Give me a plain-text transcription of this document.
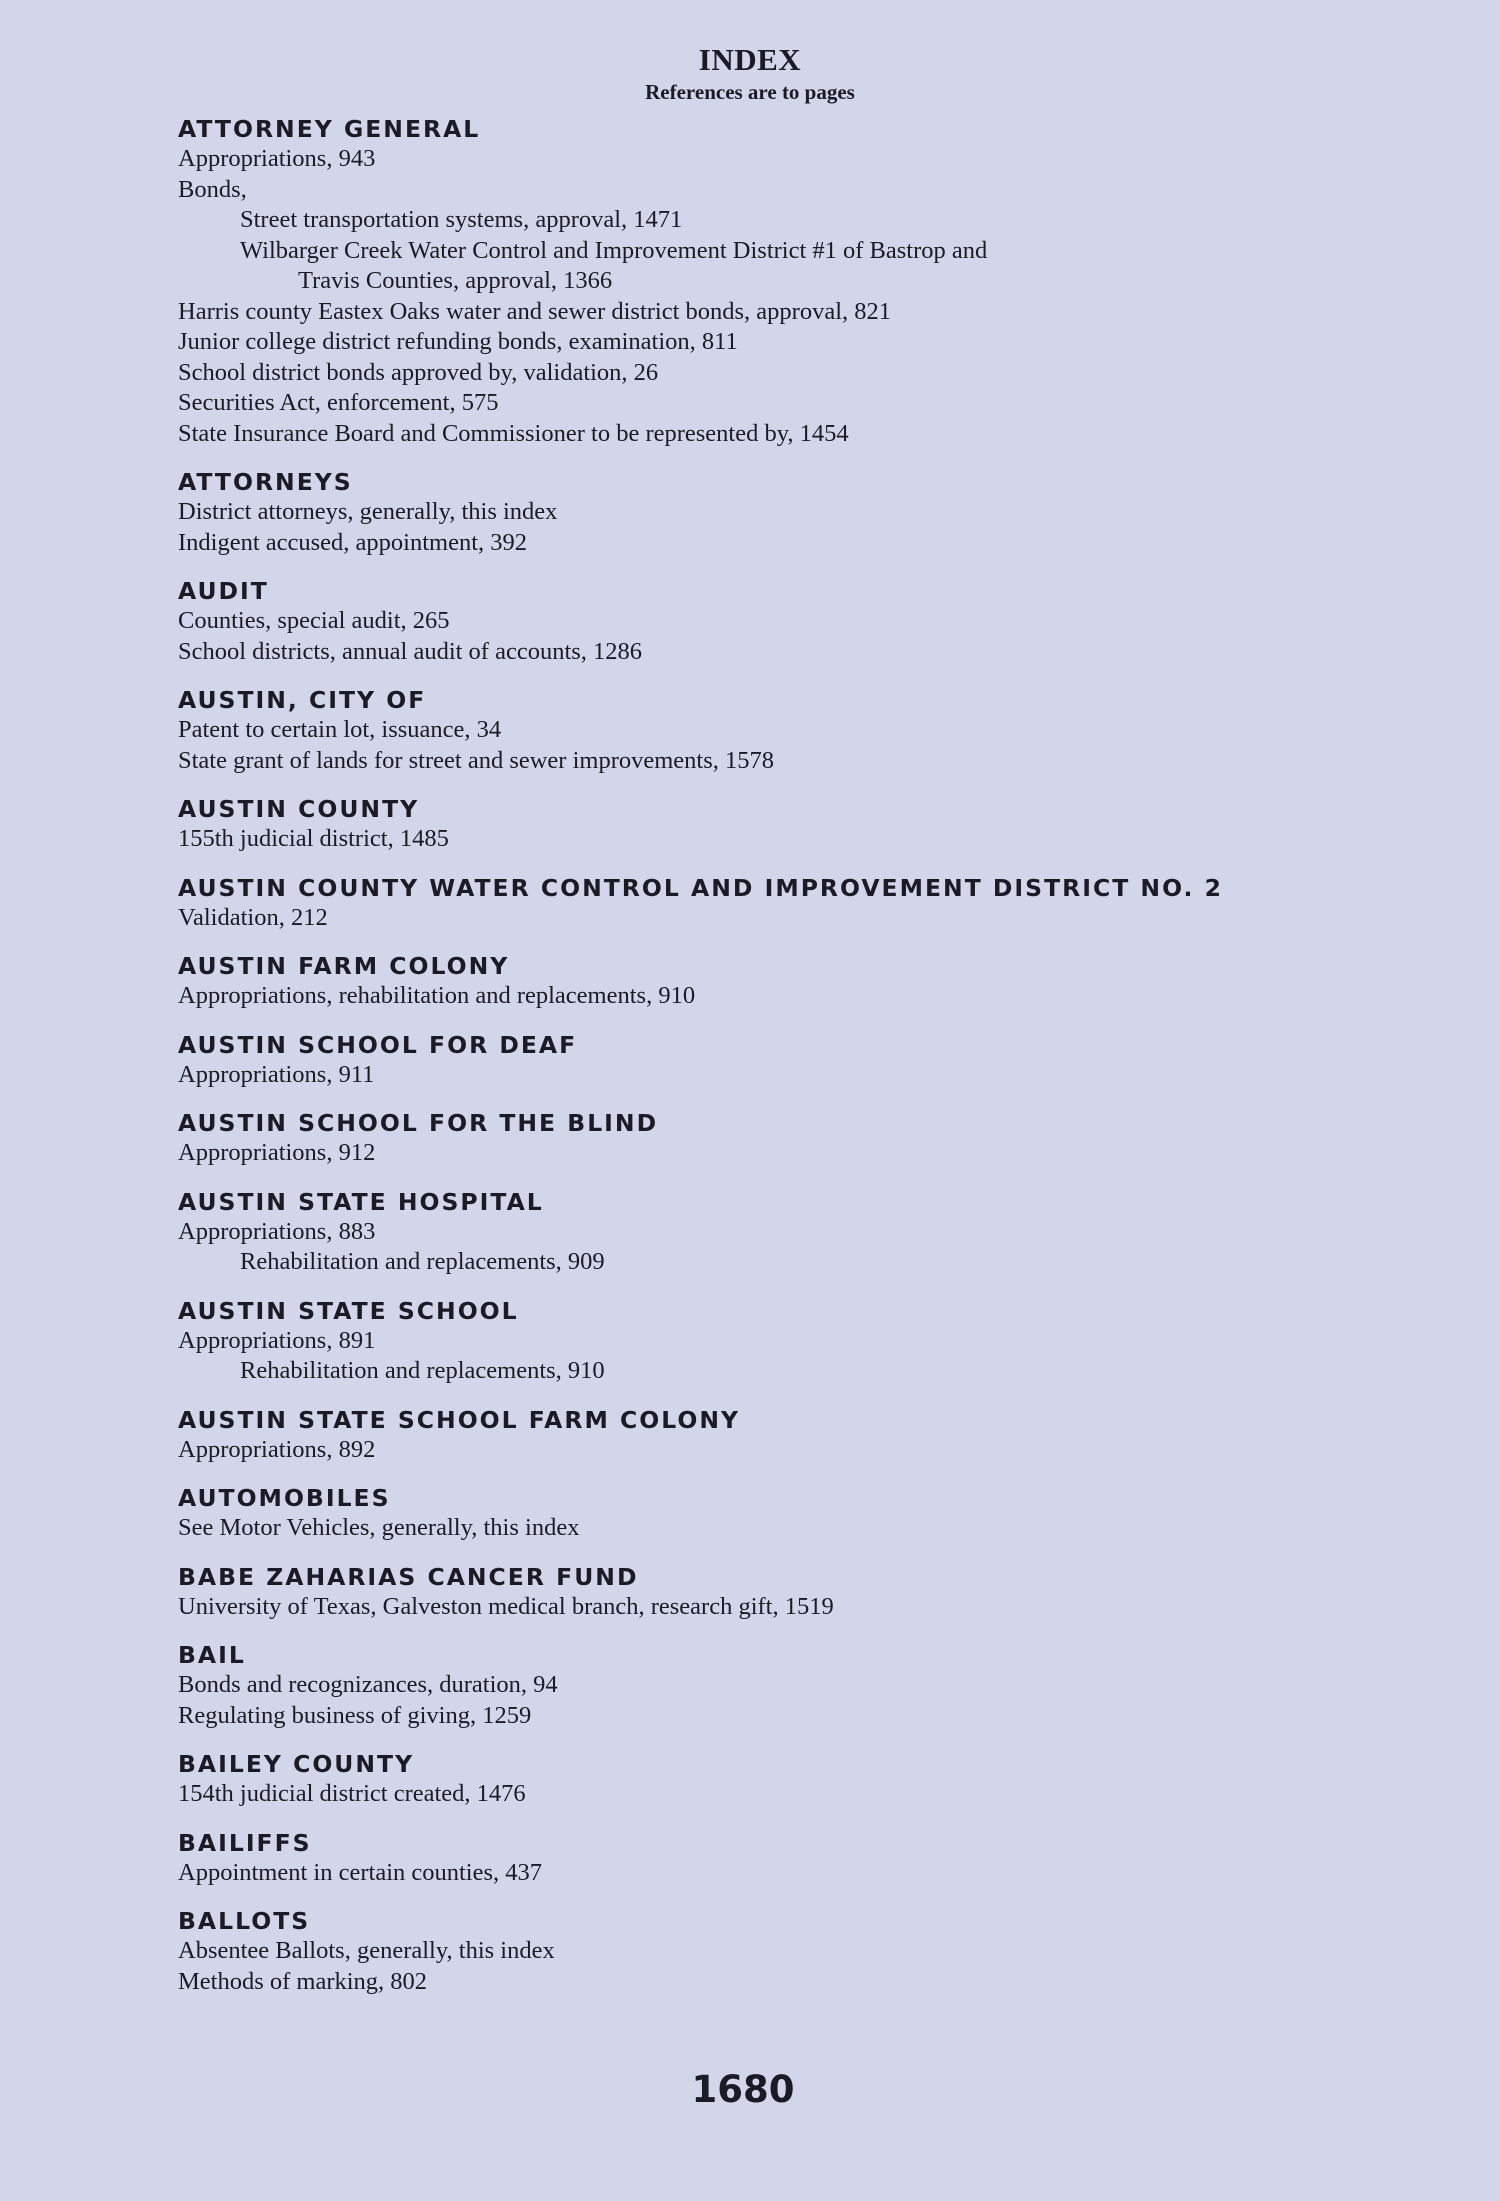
INDEX
References are to pages
ATTORNEY GENERAL
Appropriations, 943
Bonds,
Street transportation systems, approval, 1471
Wilbarger Creek Water Control and Improvement District #1 of Bastrop and
Travis Counties, approval, 1366
Harris county Eastex Oaks water and sewer district bonds, approval, 821
Junior college district refunding bonds, examination, 811
School district bonds approved by, validation, 26
Securities Act, enforcement, 575
State Insurance Board and Commissioner to be represented by, 1454
ATTORNEYS
District attorneys, generally, this index
Indigent accused, appointment, 392
AUDIT
Counties, special audit, 265
School districts, annual audit of accounts, 1286
AUSTIN, CITY OF
Patent to certain lot, issuance, 34
State grant of lands for street and sewer improvements, 1578
AUSTIN COUNTY
155th judicial district, 1485
AUSTIN COUNTY WATER CONTROL AND IMPROVEMENT DISTRICT NO. 2
Validation, 212
AUSTIN FARM COLONY
Appropriations, rehabilitation and replacements, 910
AUSTIN SCHOOL FOR DEAF
Appropriations, 911
AUSTIN SCHOOL FOR THE BLIND
Appropriations, 912
AUSTIN STATE HOSPITAL
Appropriations, 883
Rehabilitation and replacements, 909
AUSTIN STATE SCHOOL
Appropriations, 891
Rehabilitation and replacements, 910
AUSTIN STATE SCHOOL FARM COLONY
Appropriations, 892
AUTOMOBILES
See Motor Vehicles, generally, this index
BABE ZAHARIAS CANCER FUND
University of Texas, Galveston medical branch, research gift, 1519
BAIL
Bonds and recognizances, duration, 94
Regulating business of giving, 1259
BAILEY COUNTY
154th judicial district created, 1476
BAILIFFS
Appointment in certain counties, 437
BALLOTS
Absentee Ballots, generally, this index
Methods of marking, 802
1680
